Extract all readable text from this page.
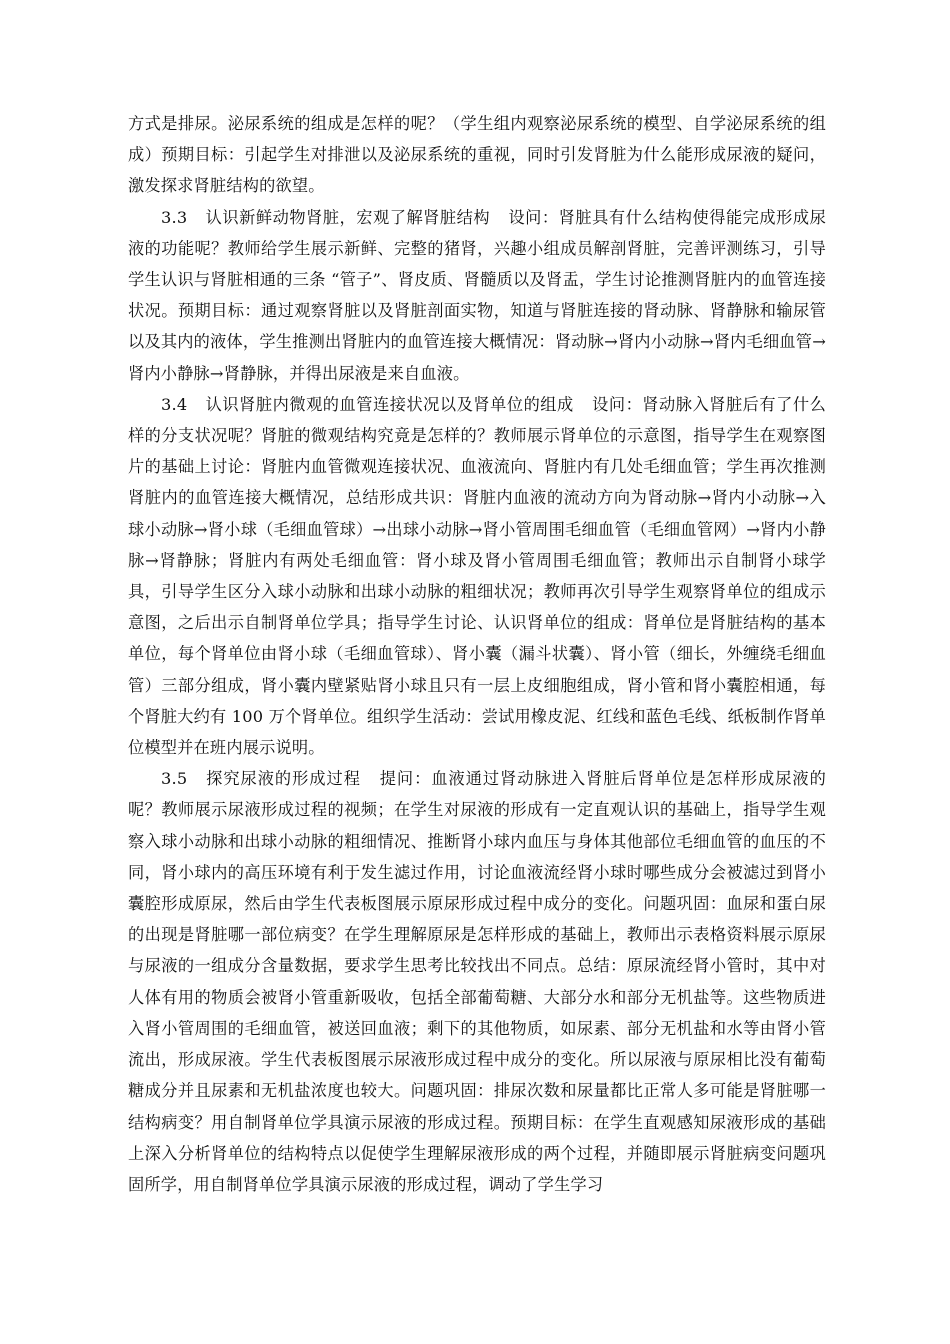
方式是排尿。泌尿系统的组成是怎样的呢？（学生组内观察泌尿系统的模型、自学泌尿系统的组成）预期目标：引起学生对排泄以及泌尿系统的重视，同时引发肾脏为什么能形成尿液的疑问，激发探求肾脏结构的欲望。

3.3 认识新鲜动物肾脏，宏观了解肾脏结构 设问：肾脏具有什么结构使得能完成形成尿液的功能呢？教师给学生展示新鲜、完整的猪肾，兴趣小组成员解剖肾脏，完善评测练习，引导学生认识与肾脏相通的三条 “管子”、肾皮质、肾髓质以及肾盂，学生讨论推测肾脏内的血管连接状况。预期目标：通过观察肾脏以及肾脏剖面实物，知道与肾脏连接的肾动脉、肾静脉和输尿管以及其内的液体，学生推测出肾脏内的血管连接大概情况：肾动脉→肾内小动脉→肾内毛细血管→肾内小静脉→肾静脉，并得出尿液是来自血液。

3.4 认识肾脏内微观的血管连接状况以及肾单位的组成 设问：肾动脉入肾脏后有了什么样的分支状况呢？肾脏的微观结构究竟是怎样的？教师展示肾单位的示意图，指导学生在观察图片的基础上讨论：肾脏内血管微观连接状况、血液流向、肾脏内有几处毛细血管；学生再次推测肾脏内的血管连接大概情况，总结形成共识：肾脏内血液的流动方向为肾动脉→肾内小动脉→入球小动脉→肾小球（毛细血管球）→出球小动脉→肾小管周围毛细血管（毛细血管网）→肾内小静脉→肾静脉；肾脏内有两处毛细血管：肾小球及肾小管周围毛细血管；教师出示自制肾小球学具，引导学生区分入球小动脉和出球小动脉的粗细状况；教师再次引导学生观察肾单位的组成示意图，之后出示自制肾单位学具；指导学生讨论、认识肾单位的组成：肾单位是肾脏结构的基本单位，每个肾单位由肾小球（毛细血管球）、肾小囊（漏斗状囊）、肾小管（细长，外缠绕毛细血管）三部分组成，肾小囊内壁紧贴肾小球且只有一层上皮细胞组成，肾小管和肾小囊腔相通，每个肾脏大约有 100 万个肾单位。组织学生活动：尝试用橡皮泥、红线和蓝色毛线、纸板制作肾单位模型并在班内展示说明。

3.5 探究尿液的形成过程 提问：血液通过肾动脉进入肾脏后肾单位是怎样形成尿液的呢？教师展示尿液形成过程的视频；在学生对尿液的形成有一定直观认识的基础上，指导学生观察入球小动脉和出球小动脉的粗细情况、推断肾小球内血压与身体其他部位毛细血管的血压的不同，肾小球内的高压环境有利于发生滤过作用，讨论血液流经肾小球时哪些成分会被滤过到肾小囊腔形成原尿，然后由学生代表板图展示原尿形成过程中成分的变化。问题巩固：血尿和蛋白尿的出现是肾脏哪一部位病变？在学生理解原尿是怎样形成的基础上，教师出示表格资料展示原尿与尿液的一组成分含量数据，要求学生思考比较找出不同点。总结：原尿流经肾小管时，其中对人体有用的物质会被肾小管重新吸收，包括全部葡萄糖、大部分水和部分无机盐等。这些物质进入肾小管周围的毛细血管，被送回血液；剩下的其他物质，如尿素、部分无机盐和水等由肾小管流出，形成尿液。学生代表板图展示尿液形成过程中成分的变化。所以尿液与原尿相比没有葡萄糖成分并且尿素和无机盐浓度也较大。问题巩固：排尿次数和尿量都比正常人多可能是肾脏哪一结构病变？用自制肾单位学具演示尿液的形成过程。预期目标：在学生直观感知尿液形成的基础上深入分析肾单位的结构特点以促使学生理解尿液形成的两个过程，并随即展示肾脏病变问题巩固所学，用自制肾单位学具演示尿液的形成过程，调动了学生学习
